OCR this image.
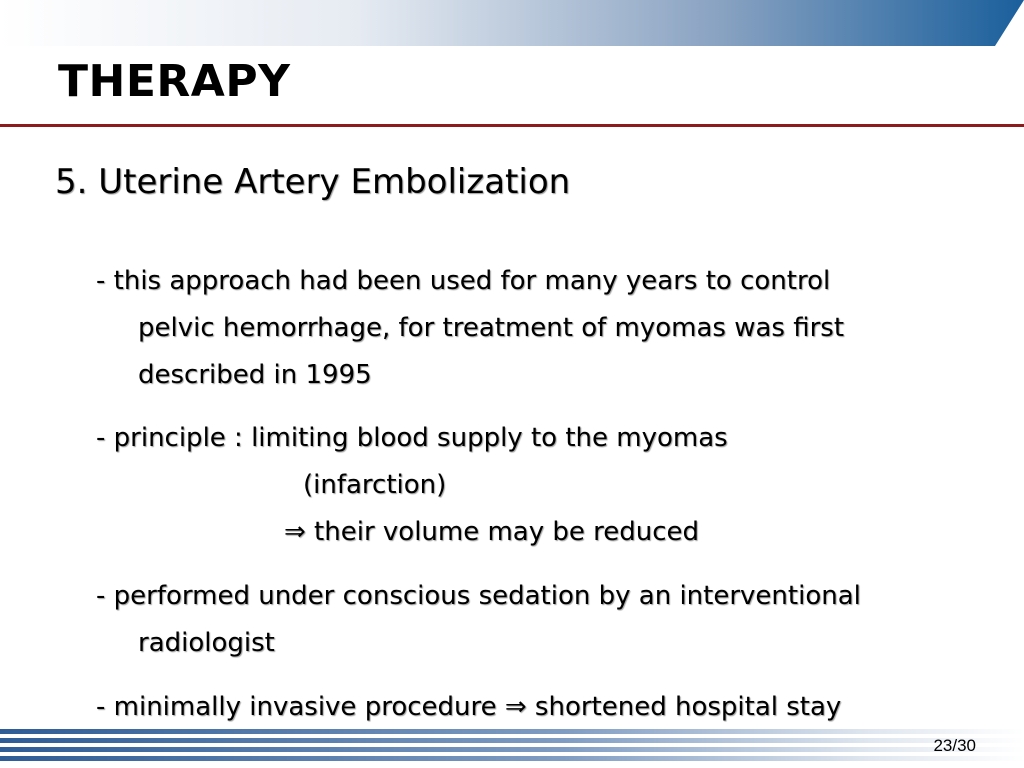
THERAPY
5. Uterine Artery Embolization
- this approach had been used for many years to control
pelvic hemorrhage, for treatment of myomas was first
described in 1995
- principle : limiting blood supply to the myomas
(infarction)
⇒ their volume may be reduced
- performed under conscious sedation by an interventional
radiologist
- minimally invasive procedure ⇒ shortened hospital stay
23/30
